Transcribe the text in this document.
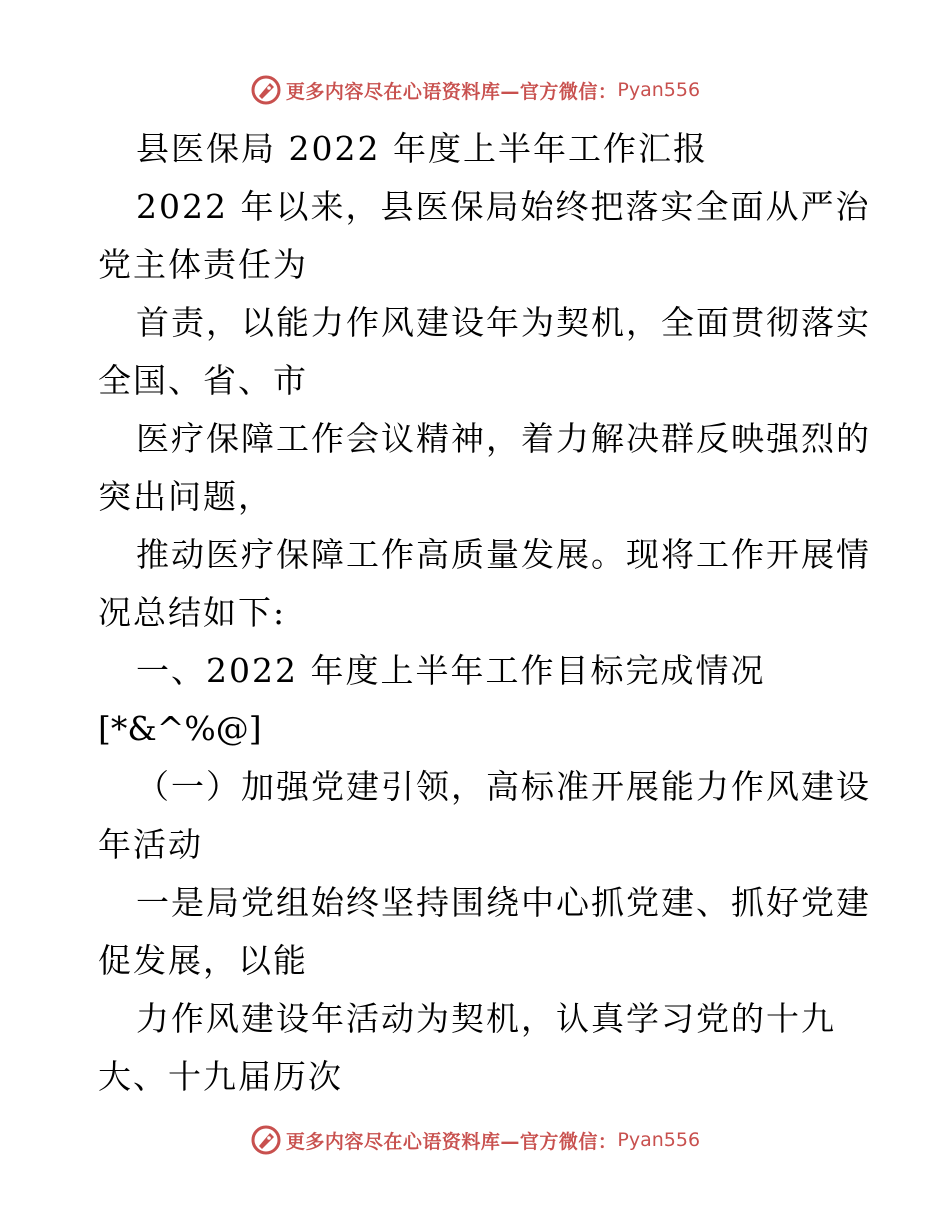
更多内容尽在心语资料库—官方微信： Pyan556
县医保局 2022 年度上半年工作汇报
2022 年以来，县医保局始终把落实全面从严治
党主体责任为
首责，以能力作风建设年为契机，全面贯彻落实
全国、省、市
医疗保障工作会议精神，着力解决群反映强烈的
突出问题，
推动医疗保障工作高质量发展。现将工作开展情
况总结如下:
一、2022 年度上半年工作目标完成情况
[*&^%@]
（一）加强党建引领，高标准开展能力作风建设
年活动
一是局党组始终坚持围绕中心抓党建、抓好党建
促发展，以能
力作风建设年活动为契机，认真学习党的十九
大、十九届历次
更多内容尽在心语资料库—官方微信： Pyan556
